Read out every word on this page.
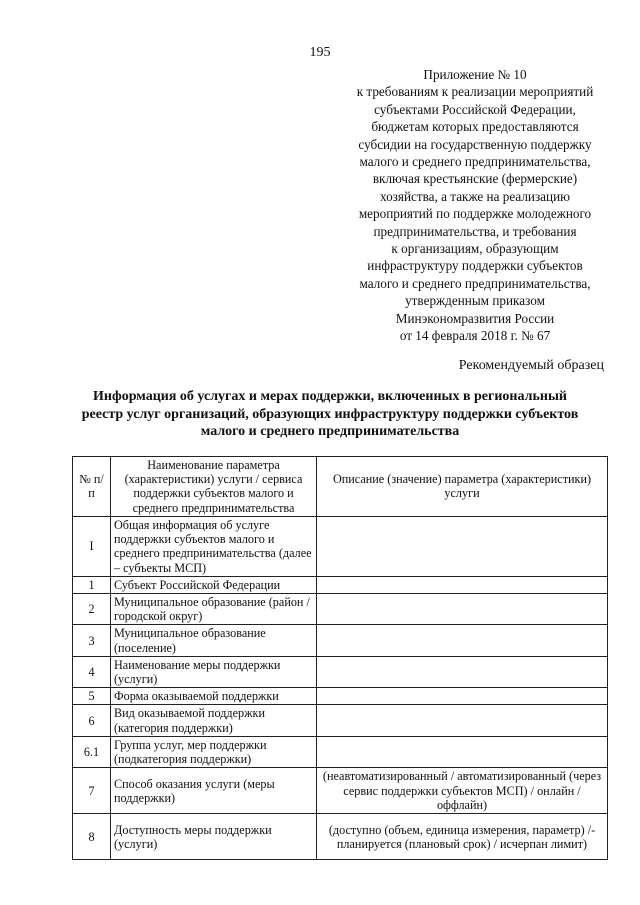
195
Приложение № 10
к требованиям к реализации мероприятий
субъектами Российской Федерации,
бюджетам которых предоставляются
субсидии на государственную поддержку
малого и среднего предпринимательства,
включая крестьянские (фермерские)
хозяйства, а также на реализацию
мероприятий по поддержке молодежного
предпринимательства, и требования
к организациям, образующим
инфраструктуру поддержки субъектов
малого и среднего предпринимательства,
утвержденным приказом
Минэкономразвития России
от 14 февраля 2018 г. № 67
Рекомендуемый образец
Информация об услугах и мерах поддержки, включенных в региональный
реестр услуг организаций, образующих инфраструктуру поддержки субъектов
малого и среднего предпринимательства
№ п/п	Наименование параметра (характеристики) услуги / сервиса поддержки субъектов малого и среднего предпринимательства	Описание (значение) параметра (характеристики) услуги
I	Общая информация об услуге поддержки субъектов малого и среднего предпринимательства (далее – субъекты МСП)	
1	Субъект Российской Федерации	
2	Муниципальное образование (район / городской округ)	
3	Муниципальное образование (поселение)	
4	Наименование меры поддержки (услуги)	
5	Форма оказываемой поддержки	
6	Вид оказываемой поддержки (категория поддержки)	
6.1	Группа услуг, мер поддержки (подкатегория поддержки)	
7	Способ оказания услуги (меры поддержки)	(неавтоматизированный / автоматизированный (через сервис поддержки субъектов МСП) / онлайн / оффлайн)
8	Доступность меры поддержки (услуги)	(доступно (объем, единица измерения, параметр) /-планируется (плановый срок) / исчерпан лимит)
